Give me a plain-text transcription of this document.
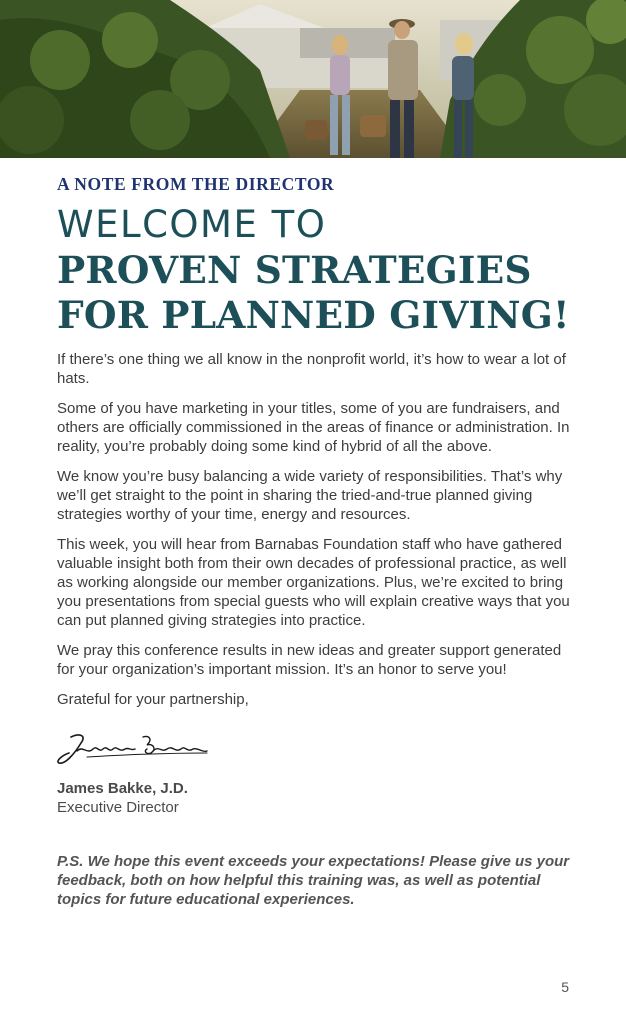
A NOTE FROM THE DIRECTOR

WELCOME TO
PROVEN STRATEGIES
FOR PLANNED GIVING!

If there’s one thing we all know in the nonprofit world, it’s how to wear a lot of hats.

Some of you have marketing in your titles, some of you are fundraisers, and others are officially commissioned in the areas of finance or administration. In reality, you’re probably doing some kind of hybrid of all the above.

We know you’re busy balancing a wide variety of responsibilities. That’s why we’ll get straight to the point in sharing the tried-and-true planned giving strategies worthy of your time, energy and resources.

This week, you will hear from Barnabas Foundation staff who have gathered valuable insight both from their own decades of professional practice, as well as working alongside our member organizations. Plus, we’re excited to bring you presentations from special guests who will explain creative ways that you can put planned giving strategies into practice.

We pray this conference results in new ideas and greater support generated for your organization’s important mission. It’s an honor to serve you!

Grateful for your partnership,

James Bakke, J.D.

Executive Director

P.S. We hope this event exceeds your expectations! Please give us your feedback, both on how helpful this training was, as well as potential topics for future educational experiences.

5
